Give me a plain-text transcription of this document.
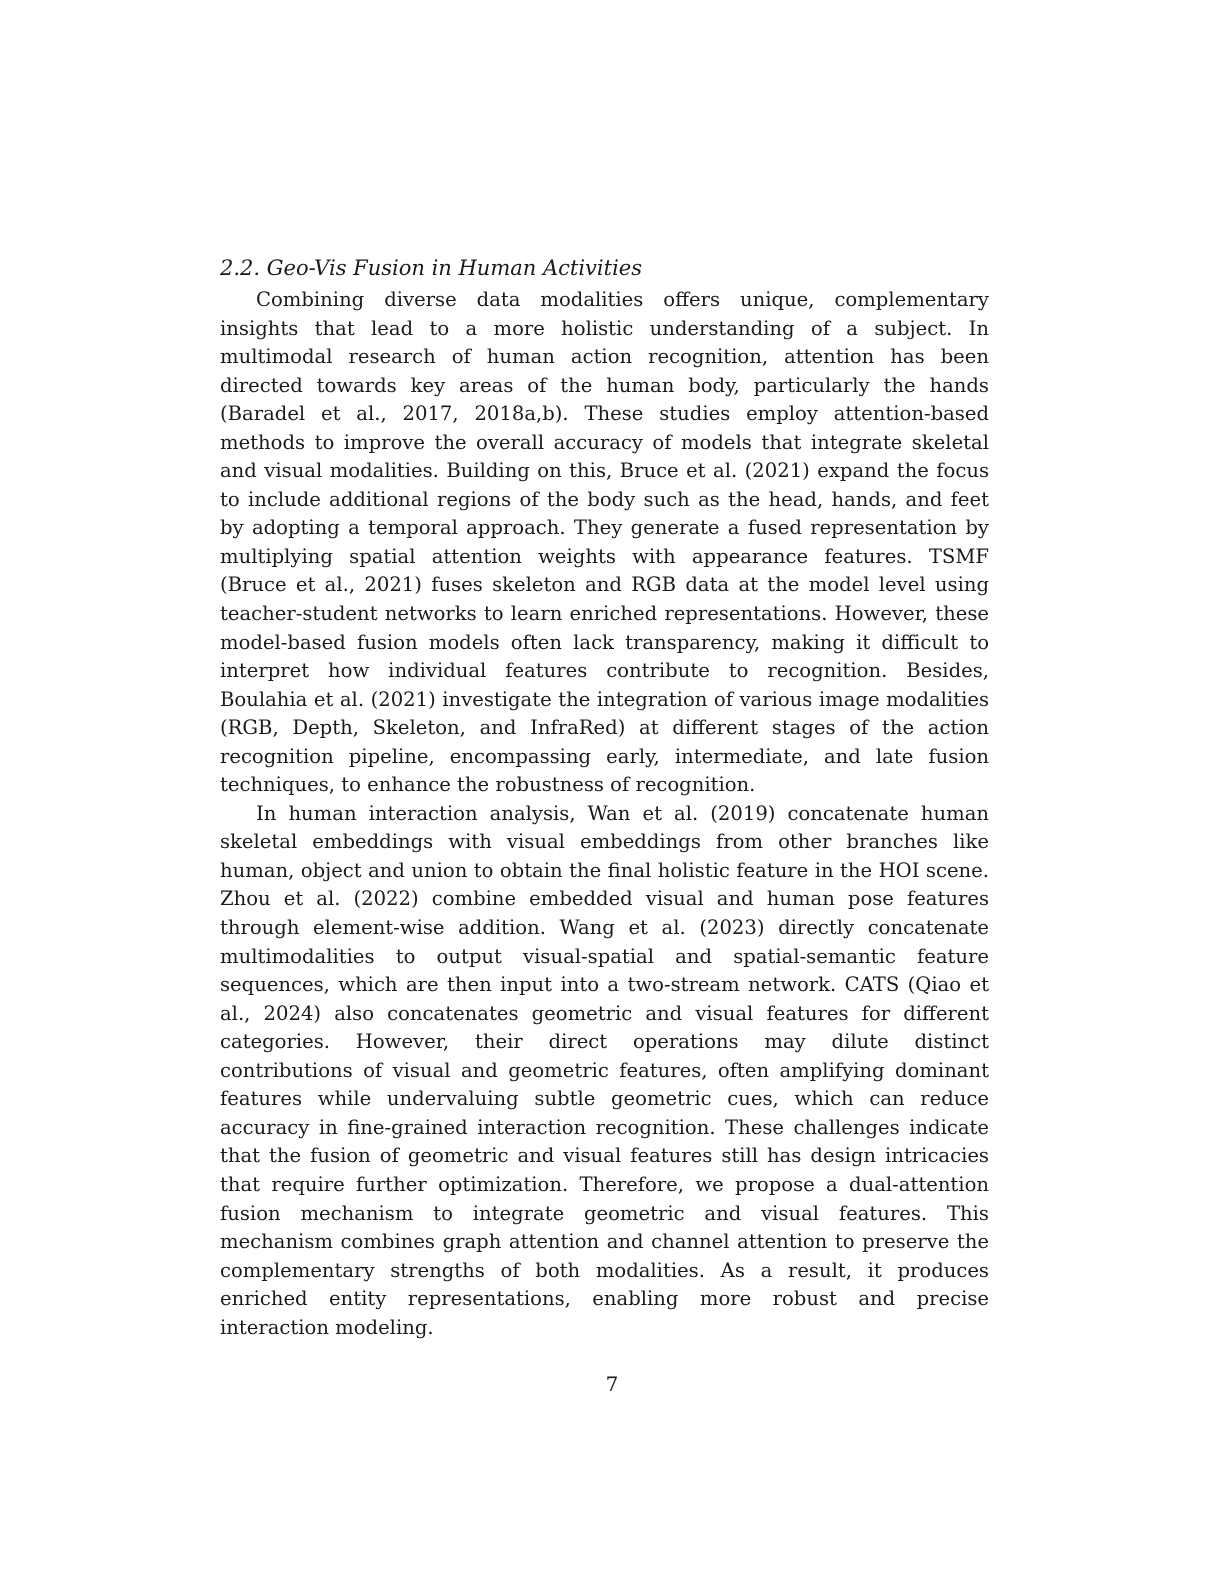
2.2. Geo-Vis Fusion in Human Activities

Combining diverse data modalities offers unique, complementary insights that lead to a more holistic understanding of a subject. In multimodal research of human action recognition, attention has been directed towards key areas of the human body, particularly the hands (Baradel et al., 2017, 2018a,b). These studies employ attention-based methods to improve the overall accuracy of models that integrate skeletal and visual modalities. Building on this, Bruce et al. (2021) expand the focus to include additional regions of the body such as the head, hands, and feet by adopting a temporal approach. They generate a fused representation by multiplying spatial attention weights with appearance features. TSMF (Bruce et al., 2021) fuses skeleton and RGB data at the model level using teacher-student networks to learn enriched representations. However, these model-based fusion models often lack transparency, making it difficult to interpret how individual features contribute to recognition. Besides, Boulahia et al. (2021) investigate the integration of various image modalities (RGB, Depth, Skeleton, and InfraRed) at different stages of the action recognition pipeline, encompassing early, intermediate, and late fusion techniques, to enhance the robustness of recognition.

In human interaction analysis, Wan et al. (2019) concatenate human skeletal embeddings with visual embeddings from other branches like human, object and union to obtain the final holistic feature in the HOI scene. Zhou et al. (2022) combine embedded visual and human pose features through element-wise addition. Wang et al. (2023) directly concatenate multimodalities to output visual-spatial and spatial-semantic feature sequences, which are then input into a two-stream network. CATS (Qiao et al., 2024) also concatenates geometric and visual features for different categories. However, their direct operations may dilute distinct contributions of visual and geometric features, often amplifying dominant features while undervaluing subtle geometric cues, which can reduce accuracy in fine-grained interaction recognition. These challenges indicate that the fusion of geometric and visual features still has design intricacies that require further optimization. Therefore, we propose a dual-attention fusion mechanism to integrate geometric and visual features. This mechanism combines graph attention and channel attention to preserve the complementary strengths of both modalities. As a result, it produces enriched entity representations, enabling more robust and precise interaction modeling.

7
